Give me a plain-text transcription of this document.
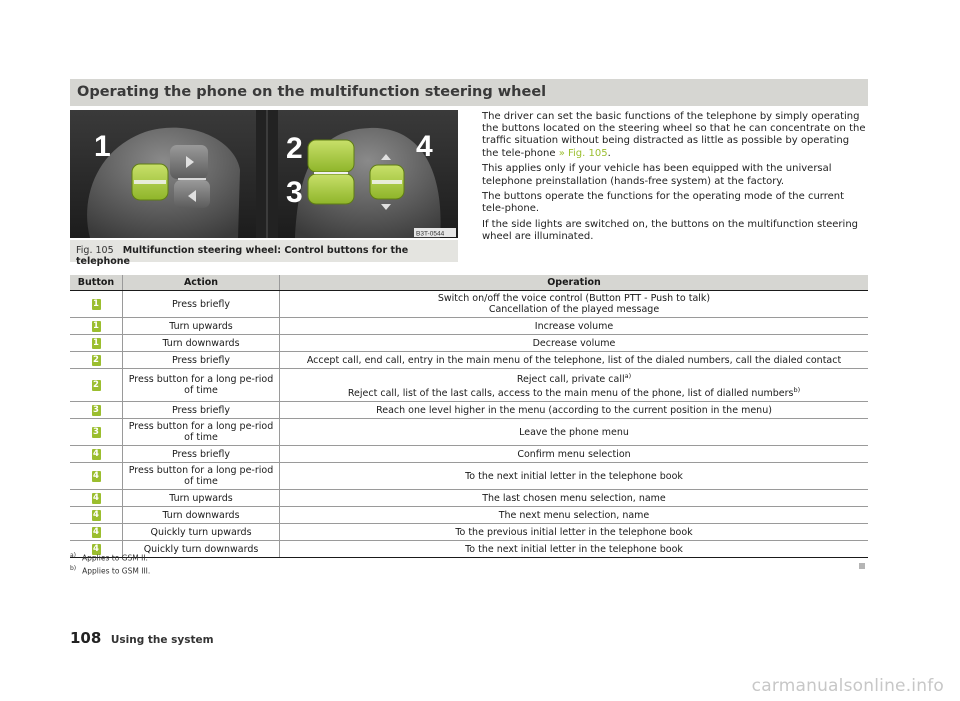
Operating the phone on the multifunction steering wheel
1	2
3
4
B3T-0544
Fig. 105 Multifunction steering wheel: Control buttons for the telephone

The driver can set the basic functions of the telephone by simply operating the buttons located on the steering wheel so that he can concentrate on the traffic situation without being distracted as little as possible by operating the tele-phone » Fig. 105.

This applies only if your vehicle has been equipped with the universal telephone preinstallation (hands-free system) at the factory.

The buttons operate the functions for the operating mode of the current tele-phone.

If the side lights are switched on, the buttons on the multifunction steering wheel are illuminated.

Button	Action	Operation
1	Press briefly	Switch on/off the voice control (Button PTT - Push to talk)
Cancellation of the played message
1	Turn upwards	Increase volume
1	Turn downwards	Decrease volume
2	Press briefly	Accept call, end call, entry in the main menu of the telephone, list of the dialed numbers, call the dialed contact
2	Press button for a long pe-riod of time	Reject call, private call$^{a)}$
Reject call, list of the last calls, access to the main menu of the phone, list of dialled numbers$^{b)}$
3	Press briefly	Reach one level higher in the menu (according to the current position in the menu)
3	Press button for a long pe-riod of time	Leave the phone menu
4	Press briefly	Confirm menu selection
4	Press button for a long pe-riod of time	To the next initial letter in the telephone book
4	Turn upwards	The last chosen menu selection, name
4	Turn downwards	The next menu selection, name
4	Quickly turn upwards	To the previous initial letter in the telephone book
4	Quickly turn downwards	To the next initial letter in the telephone book
$^{a)}$ Applies to GSM II.
$^{b)}$ Applies to GSM III.
108 Using the system
carmanualsonline.info
